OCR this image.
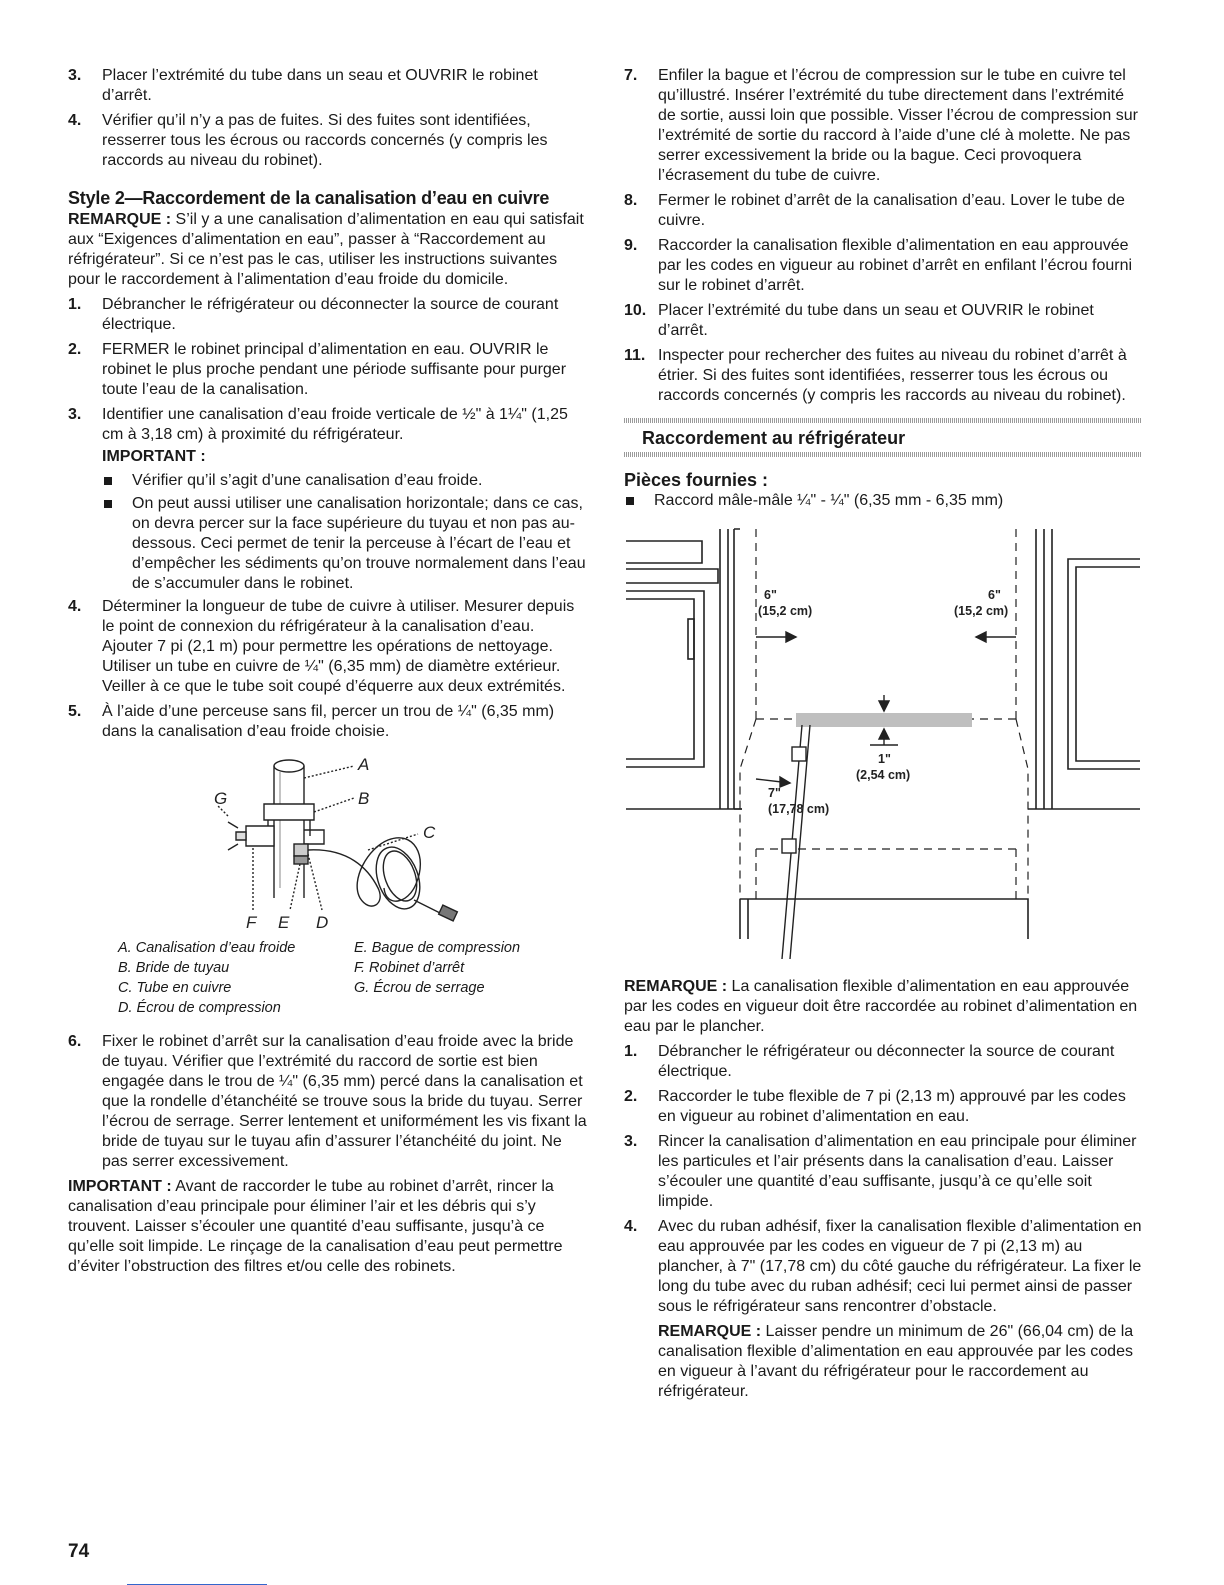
3. Placer l’extrémité du tube dans un seau et OUVRIR le robinet d’arrêt.
4. Vérifier qu’il n’y a pas de fuites. Si des fuites sont identifiées, resserrer tous les écrous ou raccords concernés (y compris les raccords au niveau du robinet).
Style 2—Raccordement de la canalisation d’eau en cuivre

REMARQUE : S’il y a une canalisation d’alimentation en eau qui satisfait aux “Exigences d’alimentation en eau”, passer à “Raccordement au réfrigérateur”. Si ce n’est pas le cas, utiliser les instructions suivantes pour le raccordement à l’alimentation d’eau froide du domicile.

1. Débrancher le réfrigérateur ou déconnecter la source de courant électrique.
2. FERMER le robinet principal d’alimentation en eau. OUVRIR le robinet le plus proche pendant une période suffisante pour purger toute l’eau de la canalisation.
3. Identifier une canalisation d’eau froide verticale de ½" à 1¼" (1,25 cm à 3,18 cm) à proximité du réfrigérateur.
IMPORTANT :
Vérifier qu’il s’agit d’une canalisation d’eau froide.
On peut aussi utiliser une canalisation horizontale; dans ce cas, on devra percer sur la face supérieure du tuyau et non pas au-dessous. Ceci permet de tenir la perceuse à l’écart de l’eau et d’empêcher les sédiments qu’on trouve normalement dans l’eau de s’accumuler dans le robinet.
4. Déterminer la longueur de tube de cuivre à utiliser. Mesurer depuis le point de connexion du réfrigérateur à la canalisation d’eau. Ajouter 7 pi (2,1 m) pour permettre les opérations de nettoyage. Utiliser un tube en cuivre de ¼" (6,35 mm) de diamètre extérieur. Veiller à ce que le tube soit coupé d’équerre aux deux extrémités.
5. À l’aide d’une perceuse sans fil, percer un trou de ¼" (6,35 mm) dans la canalisation d’eau froide choisie.
A
B
C
G
F E D
A. Canalisation d’eau froide	E. Bague de compression
B. Bride de tuyau	F. Robinet d’arrêt
C. Tube en cuivre	G. Écrou de serrage
D. Écrou de compression
6. Fixer le robinet d’arrêt sur la canalisation d’eau froide avec la bride de tuyau. Vérifier que l’extrémité du raccord de sortie est bien engagée dans le trou de ¼" (6,35 mm) percé dans la canalisation et que la rondelle d’étanchéité se trouve sous la bride du tuyau. Serrer l’écrou de serrage. Serrer lentement et uniformément les vis fixant la bride de tuyau sur le tuyau afin d’assurer l’étanchéité du joint. Ne pas serrer excessivement.

IMPORTANT : Avant de raccorder le tube au robinet d’arrêt, rincer la canalisation d’eau principale pour éliminer l’air et les débris qui s’y trouvent. Laisser s’écouler une quantité d’eau suffisante, jusqu’à ce qu’elle soit limpide. Le rinçage de la canalisation d’eau peut permettre d’éviter l’obstruction des filtres et/ou celle des robinets.

7. Enfiler la bague et l’écrou de compression sur le tube en cuivre tel qu’illustré. Insérer l’extrémité du tube directement dans l’extrémité de sortie, aussi loin que possible. Visser l’écrou de compression sur l’extrémité de sortie du raccord à l’aide d’une clé à molette. Ne pas serrer excessivement la bride ou la bague. Ceci provoquera l’écrasement du tube de cuivre.
8. Fermer le robinet d’arrêt de la canalisation d’eau. Lover le tube de cuivre.
9. Raccorder la canalisation flexible d’alimentation en eau approuvée par les codes en vigueur au robinet d’arrêt en enfilant l’écrou fourni sur le robinet d’arrêt.
10. Placer l’extrémité du tube dans un seau et OUVRIR le robinet d’arrêt.
11. Inspecter pour rechercher des fuites au niveau du robinet d’arrêt à étrier. Si des fuites sont identifiées, resserrer tous les écrous ou raccords concernés (y compris les raccords au niveau du robinet).
Raccordement au réfrigérateur
Pièces fournies :
Raccord mâle-mâle ¼" - ¼" (6,35 mm - 6,35 mm)
6"
(15,2 cm)
6"
(15,2 cm)
1"
(2,54 cm)
7"
(17,78 cm)

REMARQUE : La canalisation flexible d’alimentation en eau approuvée par les codes en vigueur doit être raccordée au robinet d’alimentation en eau par le plancher.

1. Débrancher le réfrigérateur ou déconnecter la source de courant électrique.
2. Raccorder le tube flexible de 7 pi (2,13 m) approuvé par les codes en vigueur au robinet d’alimentation en eau.
3. Rincer la canalisation d’alimentation en eau principale pour éliminer les particules et l’air présents dans la canalisation d’eau. Laisser s’écouler une quantité d’eau suffisante, jusqu’à ce qu’elle soit limpide.
4. Avec du ruban adhésif, fixer la canalisation flexible d’alimentation en eau approuvée par les codes en vigueur de 7 pi (2,13 m) au plancher, à 7" (17,78 cm) du côté gauche du réfrigérateur. La fixer le long du tube avec du ruban adhésif; ceci lui permet ainsi de passer sous le réfrigérateur sans rencontrer d’obstacle.

REMARQUE : Laisser pendre un minimum de 26" (66,04 cm) de la canalisation flexible d’alimentation en eau approuvée par les codes en vigueur à l’avant du réfrigérateur pour le raccordement au réfrigérateur.

74
